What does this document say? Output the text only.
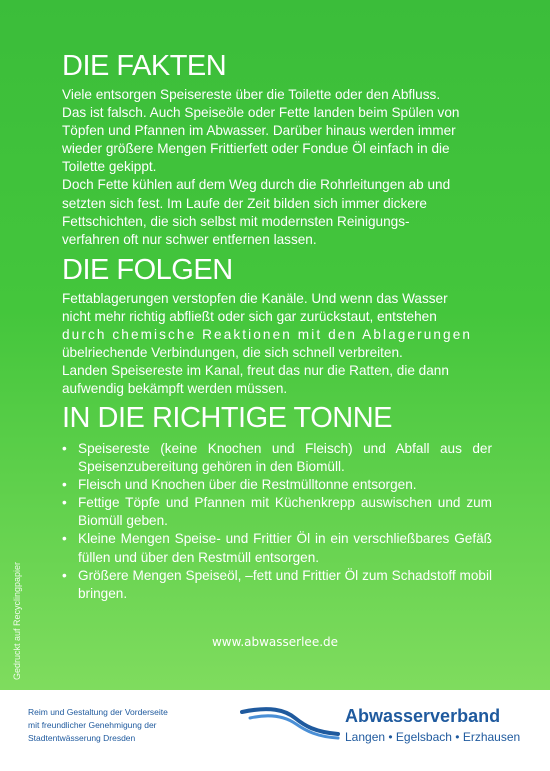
DIE FAKTEN
Viele entsorgen Speisereste über die Toilette oder den Abfluss.
Das ist falsch. Auch Speiseöle oder Fette landen beim Spülen von
Töpfen und Pfannen im Abwasser. Darüber hinaus werden immer
wieder größere Mengen Frittierfett oder Fondue Öl einfach in die
Toilette gekippt.
Doch Fette kühlen auf dem Weg durch die Rohrleitungen ab und
setzten sich fest. Im Laufe der Zeit bilden sich immer dickere
Fettschichten, die sich selbst mit modernsten Reinigungs-
verfahren oft nur schwer entfernen lassen.
DIE FOLGEN
Fettablagerungen verstopfen die Kanäle. Und wenn das Wasser
nicht mehr richtig abfließt oder sich gar zurückstaut, entstehen
durch chemische Reaktionen mit den Ablagerungen
übelriechende Verbindungen, die sich schnell verbreiten.
Landen Speisereste im Kanal, freut das nur die Ratten, die dann
aufwendig bekämpft werden müssen.
IN DIE RICHTIGE TONNE
• Speisereste (keine Knochen und Fleisch) und Abfall aus der Speisenzubereitung gehören in den Biomüll.
• Fleisch und Knochen über die Restmülltonne entsorgen.
• Fettige Töpfe und Pfannen mit Küchenkrepp auswischen und zum Biomüll geben.
• Kleine Mengen Speise- und Frittier Öl in ein verschließbares Gefäß füllen und über den Restmüll entsorgen.
• Größere Mengen Speiseöl, –fett und Frittier Öl zum Schadstoff mobil bringen.
Gedruckt auf Recyclingpapier	www.abwasserlee.de
Reim und Gestaltung der Vorderseite
mit freundlicher Genehmigung der
Stadtentwässerung Dresden
Abwasserverband
Langen • Egelsbach • Erzhausen
